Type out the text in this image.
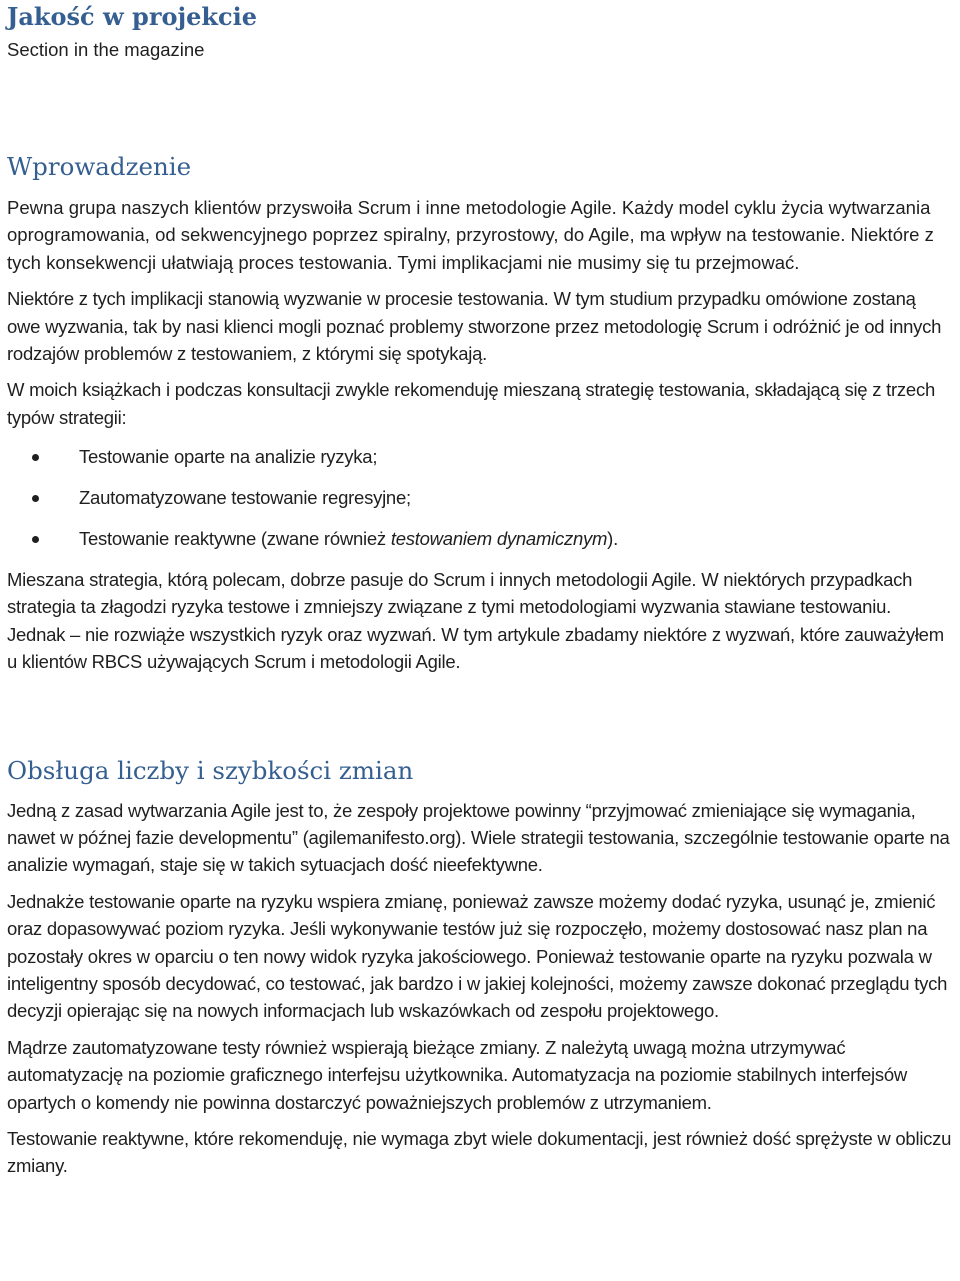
Jakość w projekcie
Section in the magazine
Wprowadzenie

Pewna grupa naszych klientów przyswoiła Scrum i inne metodologie Agile. Każdy model cyklu życia wytwarzania oprogramowania, od sekwencyjnego poprzez spiralny, przyrostowy, do Agile, ma wpływ na testowanie. Niektóre z tych konsekwencji ułatwiają proces testowania. Tymi implikacjami nie musimy się tu przejmować.

Niektóre z tych implikacji stanowią wyzwanie w procesie testowania. W tym studium przypadku omówione zostaną owe wyzwania, tak by nasi klienci mogli poznać problemy stworzone przez metodologię Scrum i odróżnić je od innych rodzajów problemów z testowaniem, z którymi się spotykają.

W moich książkach i podczas konsultacji zwykle rekomenduję mieszaną strategię testowania, składającą się z trzech typów strategii:

Testowanie oparte na analizie ryzyka;
Zautomatyzowane testowanie regresyjne;
Testowanie reaktywne (zwane również testowaniem dynamicznym).

Mieszana strategia, którą polecam, dobrze pasuje do Scrum i innych metodologii Agile. W niektórych przypadkach strategia ta złagodzi ryzyka testowe i zmniejszy związane z tymi metodologiami wyzwania stawiane testowaniu. Jednak – nie rozwiąże wszystkich ryzyk oraz wyzwań. W tym artykule zbadamy niektóre z wyzwań, które zauważyłem u klientów RBCS używających Scrum i metodologii Agile.

Obsługa liczby i szybkości zmian

Jedną z zasad wytwarzania Agile jest to, że zespoły projektowe powinny “przyjmować zmieniające się wymagania, nawet w późnej fazie developmentu” (agilemanifesto.org). Wiele strategii testowania, szczególnie testowanie oparte na analizie wymagań, staje się w takich sytuacjach dość nieefektywne.

Jednakże testowanie oparte na ryzyku wspiera zmianę, ponieważ zawsze możemy dodać ryzyka, usunąć je, zmienić oraz dopasowywać poziom ryzyka. Jeśli wykonywanie testów już się rozpoczęło, możemy dostosować nasz plan na pozostały okres w oparciu o ten nowy widok ryzyka jakościowego. Ponieważ testowanie oparte na ryzyku pozwala w inteligentny sposób decydować, co testować, jak bardzo i w jakiej kolejności, możemy zawsze dokonać przeglądu tych decyzji opierając się na nowych informacjach lub wskazówkach od zespołu projektowego.

Mądrze zautomatyzowane testy również wspierają bieżące zmiany. Z należytą uwagą można utrzymywać automatyzację na poziomie graficznego interfejsu użytkownika. Automatyzacja na poziomie stabilnych interfejsów opartych o komendy nie powinna dostarczyć poważniejszych problemów z utrzymaniem.

Testowanie reaktywne, które rekomenduję, nie wymaga zbyt wiele dokumentacji, jest również dość sprężyste w obliczu zmiany.
